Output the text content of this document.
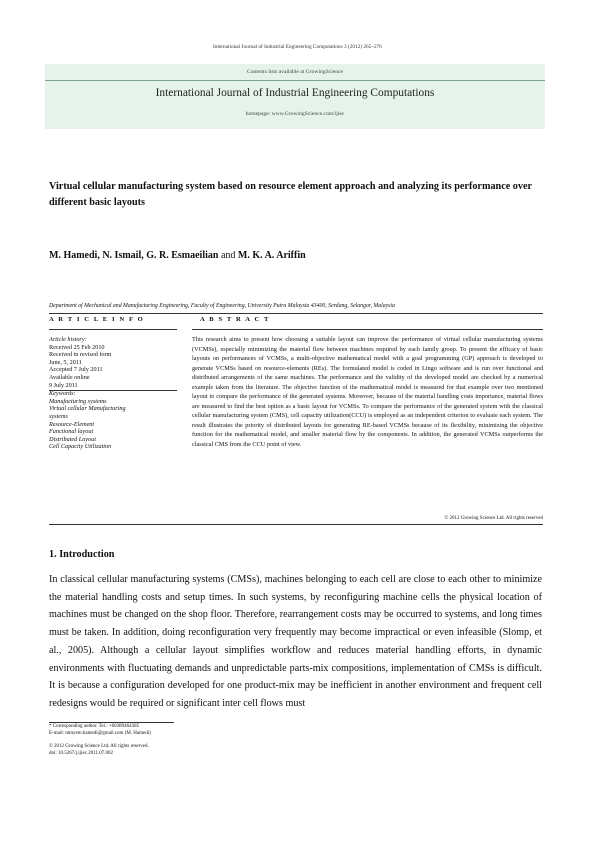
International Journal of Industrial Engineering Computations 3 (2012) 265–276
Contents lists available at GrowingScience
International Journal of Industrial Engineering Computations
homepage: www.GrowingScience.com/ijiec
Virtual cellular manufacturing system based on resource element approach and analyzing its performance over different basic layouts
M. Hamedi, N. Ismail, G. R. Esmaeilian and M. K. A. Ariffin
Department of Mechanical and Manufacturing Engineering, Faculty of Engineering, University Putra Malaysia 43400, Serdang, Selangor, Malaysia
A R T I C L E I N F O	A B S T R A C T
Article history:
Received 25 Feb 2010
Received in revised form
June, 5, 2011
Accepted 7 July 2011
Available online
9 July 2011
Keywords:
Manufacturing systems
Virtual cellular Manufacturing
systems
Resource-Element
Functional layout
Distributed Layout
Cell Capacity Utilization
This research aims to present how choosing a suitable layout can improve the performance of virtual cellular manufacturing systems (VCMSs), especially minimizing the material flow between machines required by each family group. To present the efficacy of basic layouts on performances of VCMSs, a multi-objective mathematical model with a goal programming (GP) approach is developed to generate VCMSs based on resource-elements (REs). The formulated model is coded in Lingo software and is run over functional and distributed arrangements of the same machines. The performance and the validity of the developed model are checked by a numerical example taken from the literature. The objective function of the mathematical model is measured for that example over two mentioned layout to compare the performance of the generated systems. Moreover, because of the material handling costs importance, material flows are measured to find the best option as a basic layout for VCMSs. To compare the performance of the generated system with the classical cellular manufacturing system (CMS), cell capacity utilization(CCU) is employed as an independent criterion to evaluate each system. The result illustrates the priority of distributed layouts for generating RE-based VCMSs because of its flexibility, minimizing the objective function for the mathematical model, and smaller material flow by the components. In addition, the generated VCMSs outperforms the classical CMS from the CCU point of view.
© 2012 Growing Science Ltd. All rights reserved
1. Introduction
In classical cellular manufacturing systems (CMSs), machines belonging to each cell are close to each other to minimize the material handling costs and setup times. In such systems, by reconfiguring machine cells the physical location of machines must be changed on the shop floor. Therefore, rearrangement costs may be occurred to systems, and long times must be taken. In addition, doing reconfiguration very frequently may become impractical or even infeasible (Slomp, et al., 2005). Although a cellular layout simplifies workflow and reduces material handling efforts, in dynamic environments with fluctuating demands and unpredictable parts-mix compositions, implementation of CMSs is difficult. It is because a configuration developed for one product-mix may be inefficient in another environment and frequent cell redesigns would be required or significant inter cell flows must
* Corresponding author. Tel.: +60389464385
E-mail: mmyem.hamedi@gmail.com (M. Hamedi)
© 2012 Growing Science Ltd. All rights reserved.
doi: 10.5267/j.ijiec.2011.07.002
